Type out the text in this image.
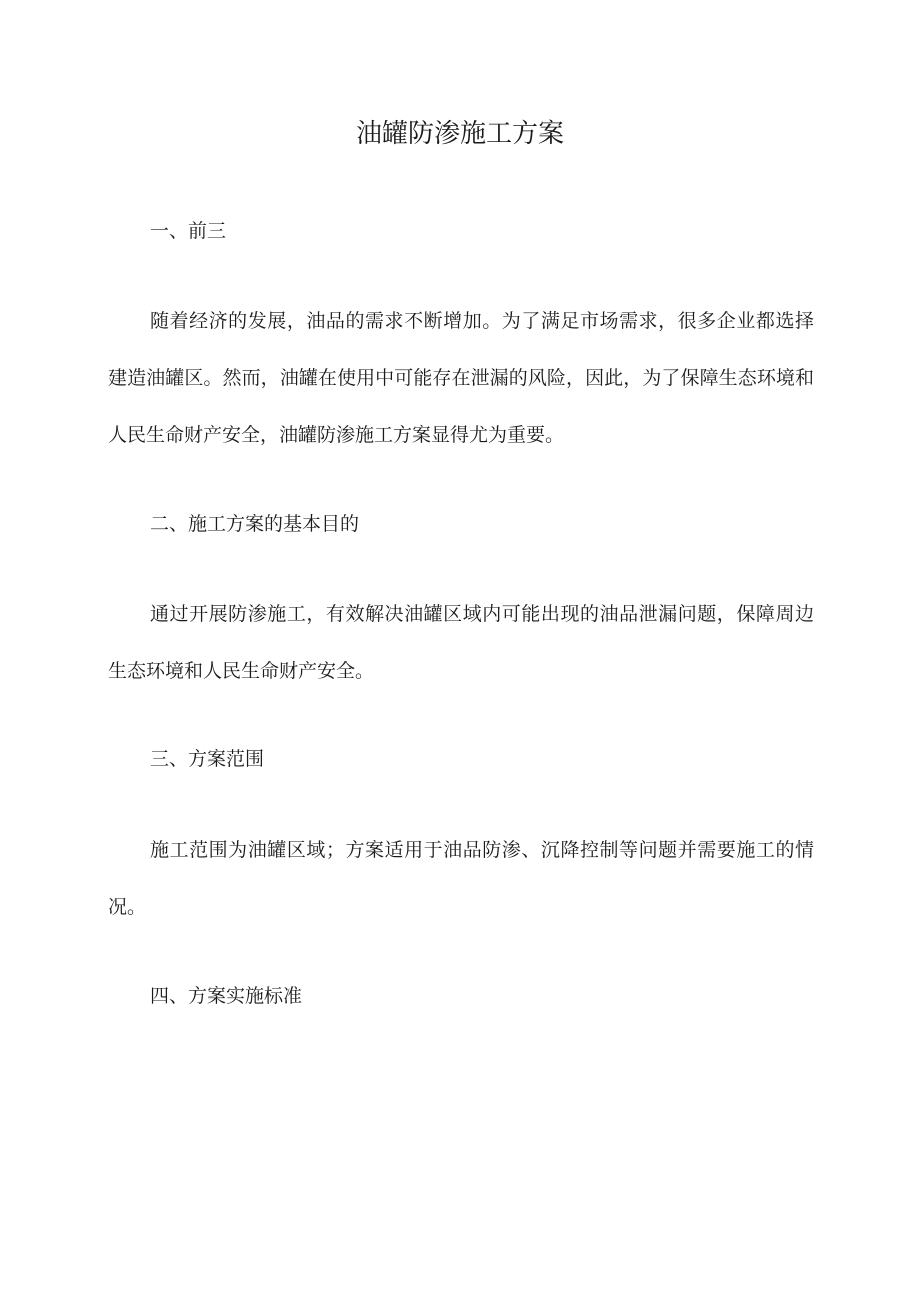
油罐防渗施工方案
一、前三

随着经济的发展，油品的需求不断增加。为了满足市场需求，很多企业都选择建造油罐区。然而，油罐在使用中可能存在泄漏的风险，因此，为了保障生态环境和人民生命财产安全，油罐防渗施工方案显得尤为重要。

二、施工方案的基本目的

通过开展防渗施工，有效解决油罐区域内可能出现的油品泄漏问题，保障周边生态环境和人民生命财产安全。

三、方案范围

施工范围为油罐区域；方案适用于油品防渗、沉降控制等问题并需要施工的情况。

四、方案实施标准
